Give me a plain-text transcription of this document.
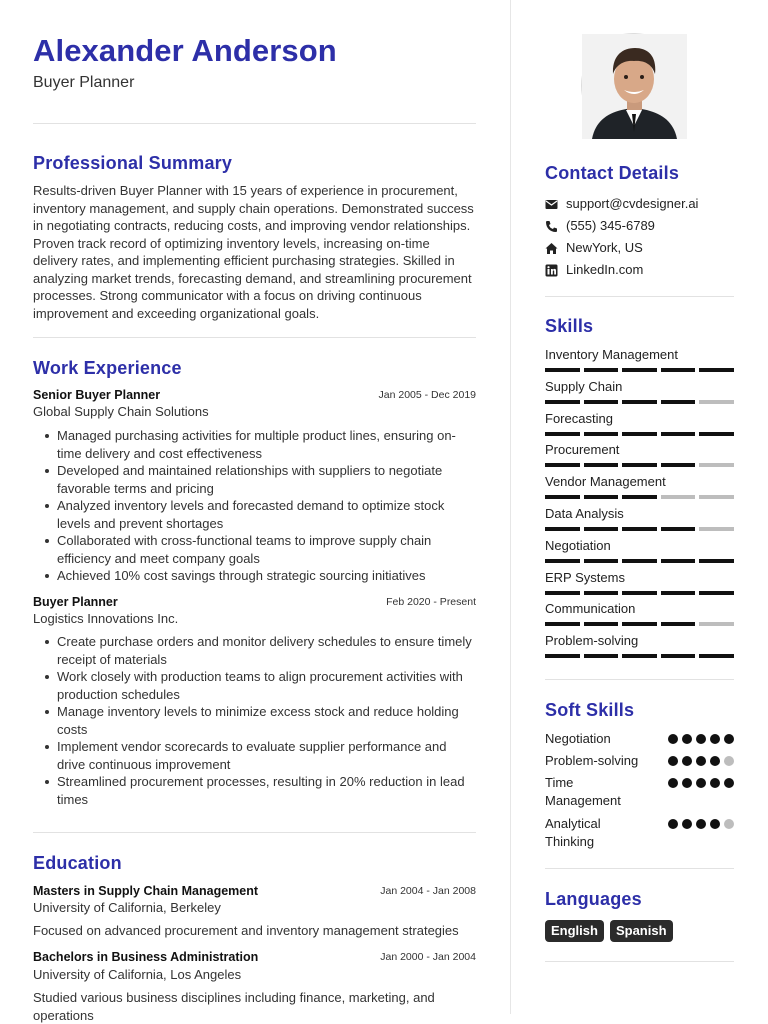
Alexander Anderson
Buyer Planner
Professional Summary
Results-driven Buyer Planner with 15 years of experience in procurement, inventory management, and supply chain operations. Demonstrated success in negotiating contracts, reducing costs, and improving vendor relationships. Proven track record of optimizing inventory levels, increasing on-time delivery rates, and implementing efficient purchasing strategies. Skilled in analyzing market trends, forecasting demand, and streamlining procurement processes. Strong communicator with a focus on driving continuous improvement and exceeding organizational goals.
Work Experience
Senior Buyer Planner	Jan 2005 - Dec 2019
Global Supply Chain Solutions
Managed purchasing activities for multiple product lines, ensuring on-time delivery and cost effectiveness
Developed and maintained relationships with suppliers to negotiate favorable terms and pricing
Analyzed inventory levels and forecasted demand to optimize stock levels and prevent shortages
Collaborated with cross-functional teams to improve supply chain efficiency and meet company goals
Achieved 10% cost savings through strategic sourcing initiatives
Buyer Planner	Feb 2020 - Present
Logistics Innovations Inc.
Create purchase orders and monitor delivery schedules to ensure timely receipt of materials
Work closely with production teams to align procurement activities with production schedules
Manage inventory levels to minimize excess stock and reduce holding costs
Implement vendor scorecards to evaluate supplier performance and drive continuous improvement
Streamlined procurement processes, resulting in 20% reduction in lead times
Education
Masters in Supply Chain Management	Jan 2004 - Jan 2008
University of California, Berkeley
Focused on advanced procurement and inventory management strategies
Bachelors in Business Administration	Jan 2000 - Jan 2004
University of California, Los Angeles
Studied various business disciplines including finance, marketing, and operations
Contact Details
support@cvdesigner.ai
(555) 345-6789
NewYork, US
LinkedIn.com
Skills
Inventory Management
Supply Chain
Forecasting
Procurement
Vendor Management
Data Analysis
Negotiation
ERP Systems
Communication
Problem-solving
Soft Skills
Negotiation
Problem-solving
Time Management
Analytical Thinking
Languages
English	Spanish
